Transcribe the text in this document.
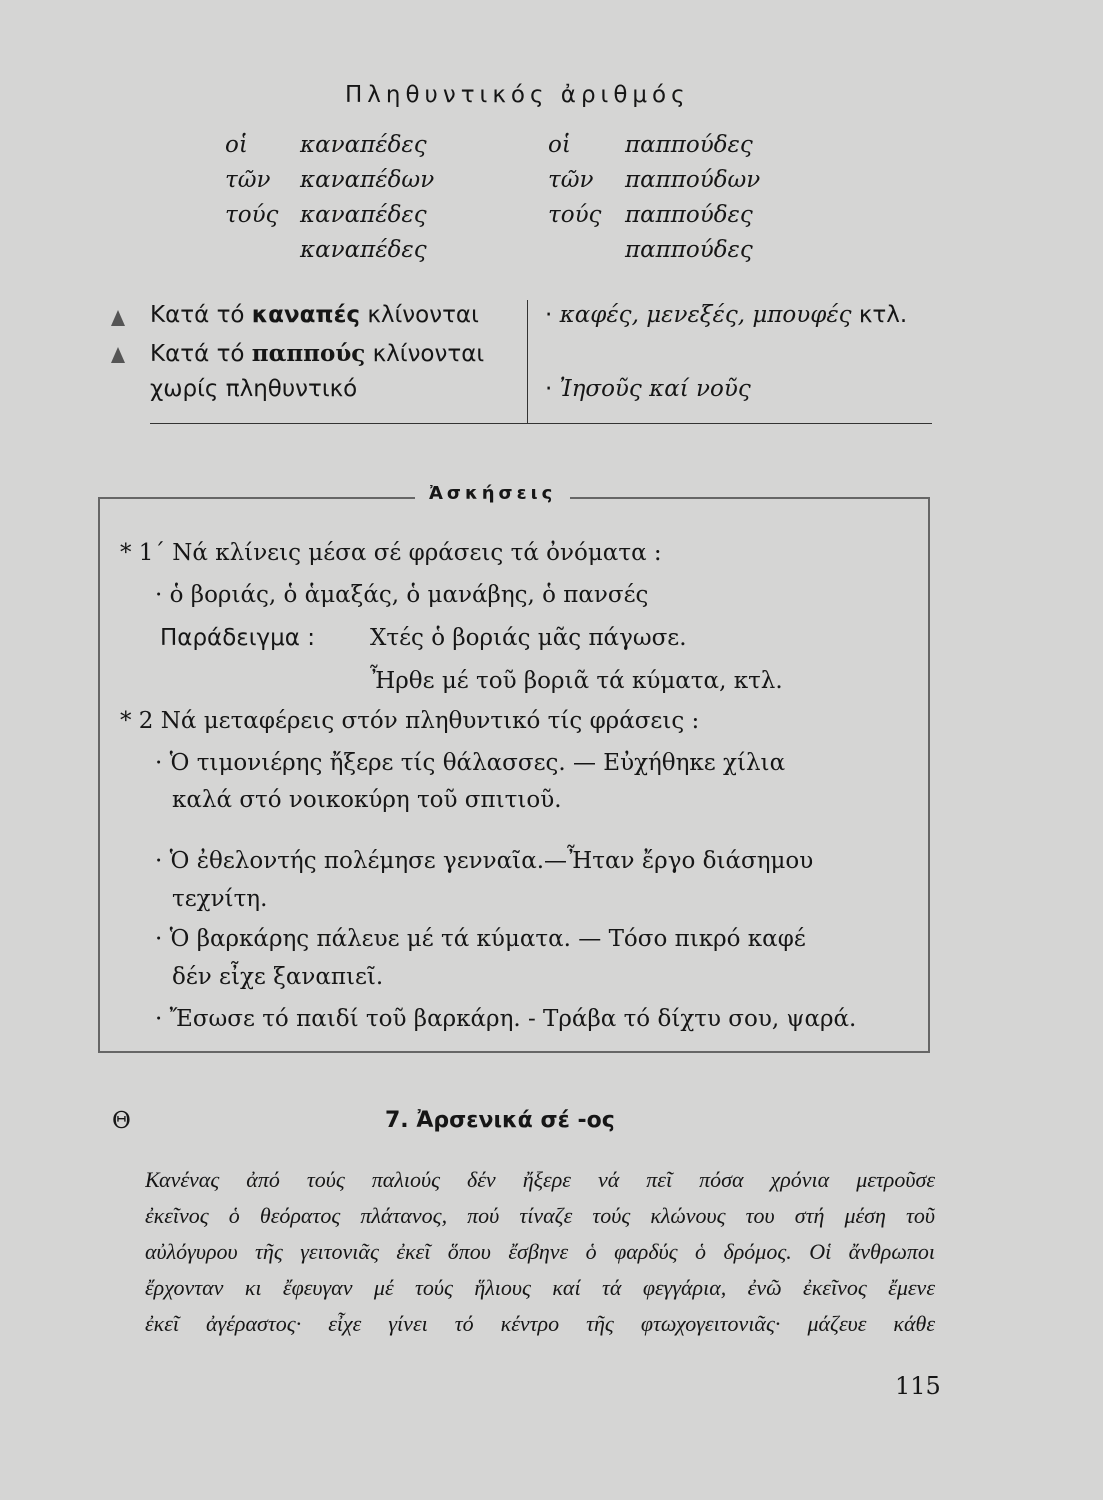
Πληθυντικός ἀριθμός
οἱ καναπέδες
τῶν καναπέδων
τούς καναπέδες
καναπέδες
οἱ παππούδες
τῶν παππούδων
τούς παππούδες
παππούδες
Κατά τό καναπές κλίνονται
Κατά τό παππούς κλίνονται
χωρίς πληθυντικό
· καφές, μενεξές, μπουφές κτλ.
· Ἰησοῦς καί νοῦς
Ἀσκήσεις
* 1΄ Νά κλίνεις μέσα σέ φράσεις τά ὀνόματα :
· ὁ βοριάς, ὁ ἁμαξάς, ὁ μανάβης, ὁ πανσές
Παράδειγμα : Χτές ὁ βοριάς μᾶς πάγωσε.
Ἦρθε μέ τοῦ βοριᾶ τά κύματα, κτλ.
* 2 Νά μεταφέρεις στόν πληθυντικό τίς φράσεις :
· Ὁ τιμονιέρης ἤξερε τίς θάλασσες. — Εὐχήθηκε χίλια
καλά στό νοικοκύρη τοῦ σπιτιοῦ.
· Ὁ ἐθελοντής πολέμησε γενναῖα.—Ἦταν ἔργο διάσημου
τεχνίτη.
· Ὁ βαρκάρης πάλευε μέ τά κύματα. — Τόσο πικρό καφέ
δέν εἶχε ξαναπιεῖ.
· Ἔσωσε τό παιδί τοῦ βαρκάρη. - Τράβα τό δίχτυ σου, ψαρά.
Θ	7. Ἀρσενικά σέ -ος
Κανένας ἀπό τούς παλιούς δέν ἤξερε νά πεῖ πόσα χρόνια μετροῦσε
ἐκεῖνος ὁ θεόρατος πλάτανος, πού τίναζε τούς κλώνους του στή μέση τοῦ
αὐλόγυρου τῆς γειτονιᾶς ἐκεῖ ὅπου ἔσβηνε ὁ φαρδύς ὁ δρόμος. Οἱ ἄνθρωποι
ἔρχονταν κι ἔφευγαν μέ τούς ἥλιους καί τά φεγγάρια, ἐνῶ ἐκεῖνος ἔμενε
ἐκεῖ ἀγέραστος· εἶχε γίνει τό κέντρο τῆς φτωχογειτονιᾶς· μάζευε κάθε
115
